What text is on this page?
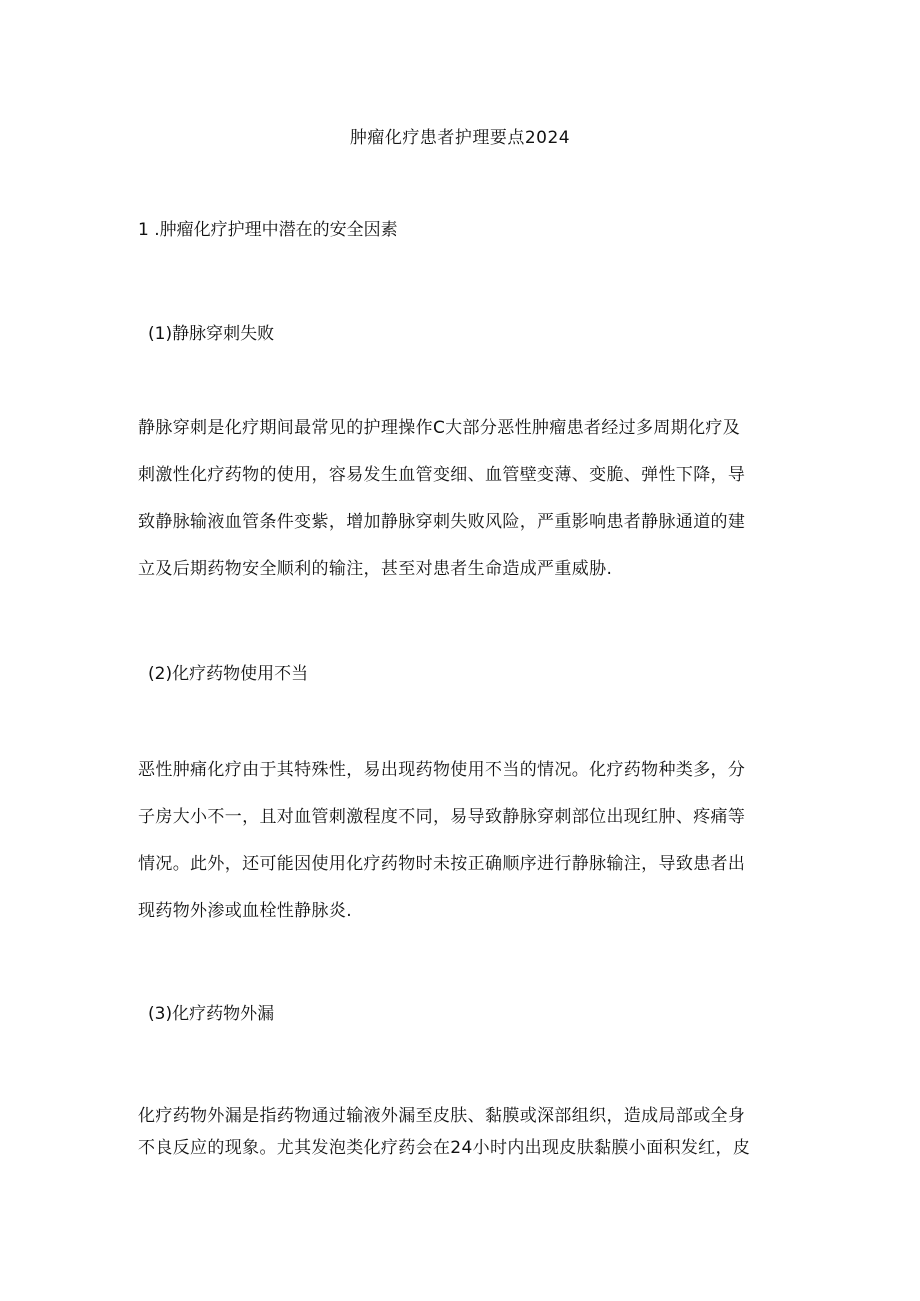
肿瘤化疗患者护理要点2024
1 .肿瘤化疗护理中潜在的安全因素
(1)静脉穿刺失败
静脉穿刺是化疗期间最常见的护理操作C大部分恶性肿瘤患者经过多周期化疗及
刺激性化疗药物的使用，容易发生血管变细、血管壁变薄、变脆、弹性下降，导
致静脉输液血管条件变紫，增加静脉穿刺失败风险，严重影响患者静脉通道的建
立及后期药物安全顺利的输注，甚至对患者生命造成严重威胁.
(2)化疗药物使用不当
恶性肿痛化疗由于其特殊性，易出现药物使用不当的情况。化疗药物种类多，分
子房大小不一，且对血管刺激程度不同，易导致静脉穿刺部位出现红肿、疼痛等
情况。此外，还可能因使用化疗药物时未按正确顺序进行静脉输注，导致患者出
现药物外渗或血栓性静脉炎.
(3)化疗药物外漏
化疗药物外漏是指药物通过输液外漏至皮肤、黏膜或深部组织，造成局部或全身
不良反应的现象。尤其发泡类化疗药会在24小时内出现皮肤黏膜小面积发红，皮
